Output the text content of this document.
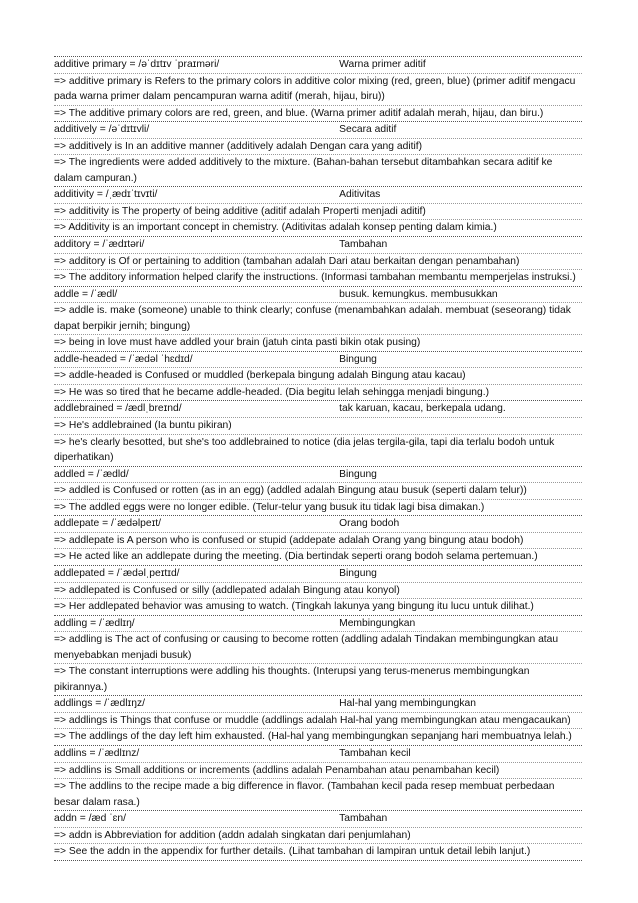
additive primary = /əˈdɪtɪv ˈpraɪməri/	Warna primer aditif
=> additive primary is Refers to the primary colors in additive color mixing (red, green, blue) (primer aditif mengacu pada warna primer dalam pencampuran warna aditif (merah, hijau, biru))
=> The additive primary colors are red, green, and blue. (Warna primer aditif adalah merah, hijau, dan biru.)
additively = /əˈdɪtɪvli/	Secara aditif
=> additively is In an additive manner (additively adalah Dengan cara yang aditif)
=> The ingredients were added additively to the mixture. (Bahan-bahan tersebut ditambahkan secara aditif ke dalam campuran.)
additivity = /ˌædɪˈtɪvɪti/	Aditivitas
=> additivity is The property of being additive (aditif adalah Properti menjadi aditif)
=> Additivity is an important concept in chemistry. (Aditivitas adalah konsep penting dalam kimia.)
additory = /ˈædɪtəri/	Tambahan
=> additory is Of or pertaining to addition (tambahan adalah Dari atau berkaitan dengan penambahan)
=> The additory information helped clarify the instructions. (Informasi tambahan membantu memperjelas instruksi.)
addle = /ˈædl/	busuk. kemungkus. membusukkan
=> addle is. make (someone) unable to think clearly; confuse (menambahkan adalah. membuat (seseorang) tidak dapat berpikir jernih; bingung)
=> being in love must have addled your brain (jatuh cinta pasti bikin otak pusing)
addle-headed = /ˈædəl ˈhɛdɪd/	Bingung
=> addle-headed is Confused or muddled (berkepala bingung adalah Bingung atau kacau)
=> He was so tired that he became addle-headed. (Dia begitu lelah sehingga menjadi bingung.)
addlebrained = /ædlˌbreɪnd/	tak karuan, kacau, berkepala udang.
=> He's addlebrained (Ia buntu pikiran)
=> he's clearly besotted, but she's too addlebrained to notice (dia jelas tergila-gila, tapi dia terlalu bodoh untuk diperhatikan)
addled = /ˈædld/	Bingung
=> addled is Confused or rotten (as in an egg) (addled adalah Bingung atau busuk (seperti dalam telur))
=> The addled eggs were no longer edible. (Telur-telur yang busuk itu tidak lagi bisa dimakan.)
addlepate = /ˈædəlpeɪt/	Orang bodoh
=> addlepate is A person who is confused or stupid (addepate adalah Orang yang bingung atau bodoh)
=> He acted like an addlepate during the meeting. (Dia bertindak seperti orang bodoh selama pertemuan.)
addlepated = /ˈædəlˌpeɪtɪd/	Bingung
=> addlepated is Confused or silly (addlepated adalah Bingung atau konyol)
=> Her addlepated behavior was amusing to watch. (Tingkah lakunya yang bingung itu lucu untuk dilihat.)
addling = /ˈædlɪŋ/	Membingungkan
=> addling is The act of confusing or causing to become rotten (addling adalah Tindakan membingungkan atau menyebabkan menjadi busuk)
=> The constant interruptions were addling his thoughts. (Interupsi yang terus-menerus membingungkan pikirannya.)
addlings = /ˈædlɪŋz/	Hal-hal yang membingungkan
=> addlings is Things that confuse or muddle (addlings adalah Hal-hal yang membingungkan atau mengacaukan)
=> The addlings of the day left him exhausted. (Hal-hal yang membingungkan sepanjang hari membuatnya lelah.)
addlins = /ˈædlɪnz/	Tambahan kecil
=> addlins is Small additions or increments (addlins adalah Penambahan atau penambahan kecil)
=> The addlins to the recipe made a big difference in flavor. (Tambahan kecil pada resep membuat perbedaan besar dalam rasa.)
addn = /æd ˈɛn/	Tambahan
=> addn is Abbreviation for addition (addn adalah singkatan dari penjumlahan)
=> See the addn in the appendix for further details. (Lihat tambahan di lampiran untuk detail lebih lanjut.)
